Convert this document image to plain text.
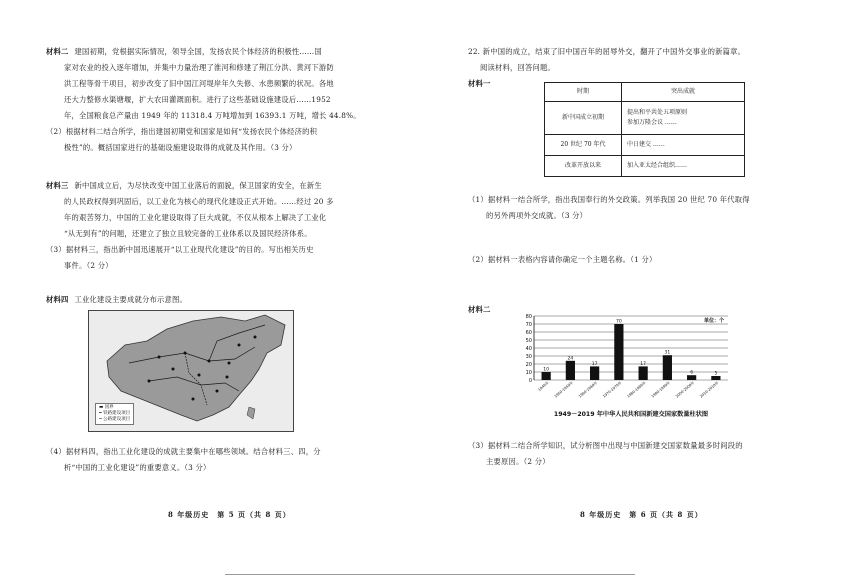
材料二 建国初期，党根据实际情况，领导全国，发扬农民个体经济的积极性……国

家对农业的投入逐年增加，并集中力量治理了淮河和修建了荆江分洪、黄河下游防

洪工程等骨干项目，初步改变了旧中国江河堤岸年久失修、水患频繁的状况。各地

还大力整修水渠塘堰，扩大农田灌溉面积。进行了这些基础设施建设后……1952

年，全国粮食总产量由 1949 年的 11318.4 万吨增加到 16393.1 万吨，增长 44.8%。

（2）根据材料二结合所学，指出建国初期党和国家是如何“发扬农民个体经济的积

极性”的。概括国家进行的基础设施建设取得的成就及其作用。（3 分）

材料三 新中国成立后，为尽快改变中国工业落后的面貌，保卫国家的安全，在新生

的人民政权得到巩固后，以工业化为核心的现代化建设正式开始。……经过 20 多

年的艰苦努力，中国的工业化建设取得了巨大成就，不仅从根本上解决了工业化

“从无到有”的问题，还建立了独立且较完备的工业体系以及国民经济体系。

（3）据材料三，指出新中国迅速展开“以工业现代化建设”的目的。写出相关历史

事件。（2 分）

材料四 工业化建设主要成就分布示意图。

▬ 国界
━ 铁路建设项目
┅ 公路建设项目

（4）据材料四，指出工业化建设的成就主要集中在哪些领域。结合材料三、四，分

析“中国的工业化建设”的重要意义。（3 分）

8 年级历史　第 5 页（共 8 页）

22. 新中国的成立，结束了旧中国百年的屈辱外交，翻开了中国外交事业的新篇章。

阅读材料，回答问题。

材料一

时期	突出成就
新中国成立初期	提出和平共处五项原则
参加万隆会议 ……

20 世纪 70 年代	中日建交 ……
改革开放以来	加入亚太经合组织……

（1）据材料一结合所学，指出我国奉行的外交政策。列举我国 20 世纪 70 年代取得

的另外两项外交成就。（3 分）

（2）据材料一表格内容请你确定一个主题名称。（1 分）

材料二

0
10
20
30
40
50
60
70
80
10
1949年
24
1950-1959年
17
1960-1969年
70
1970-1979年
17
1980-1989年
31
1990-1999年
6
2000-2009年
5
2010-2019年
单位：个
1949－2019 年中华人民共和国新建交国家数量柱状图

（3）据材料二结合所学知识，试分析图中出现与中国新建交国家数量最多时间段的

主要原因。（2 分）

8 年级历史　第 6 页（共 8 页）
